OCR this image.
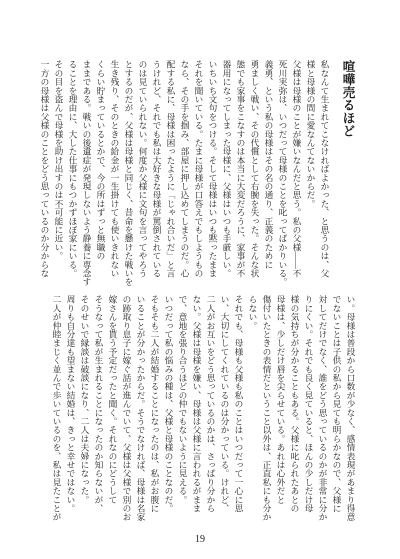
喧嘩売るほど
私なんて生まれてこなければよかった、と思うのは、父
様と母様の間に愛なんてないからだ。
父様は母様のことが嫌いなんだと思う。私の父様――不
死川実弥は、いつだって母様のことを叱ってばかりいる。
義勇、という私の母様はその名の通り、正義のために
勇ましく戦い、その代償として右腕を失った。そんな状
態でも家事をこなすのは本当に大変だろうに、家事が不
器用になってしまった母様に、父様はいつも手厳しい。
いちいち文句をつける。そして母様はいつも黙ったまま
それを聞いている。たまに母様が口答えでもしようもの
なら、その手を掴み、部屋に押し込めてしまうのだ。心
配する私に、母様は困ったように「じゃれ合いだ」と言
うけれど、それでも私は大好きな母様が罵倒されている
のは見ていられない。何度か父様に文句を言ってやろう
とするのだが、父様は母様と同じく、昔命を懸けた戦いを
生き残り、そのときの給金が一生掛けても使いきれない
くらい貯まっているとかで、今の所はずっと無職の
ままである。戦いの後遺症が発現しないよう静養に専念す
ることを理由に、大した仕事にもつかずほぼ家にいる。
その目を盗んで母様を助け出すのは不可能に近い。
一方の母様は父様のことをどう思っているのか分からな
い。母様は普段から口数が少なく、感情表現があまり得意
でないことは子供の私から見ても明らかなので、父様に
対してだけでなく、誰をどう思っているのかが非常に分か
りにくい。それでも良く見ていると、ほんの少しだけ母
様の気持ちが分かることもある。父様に叱られたあとの
母様は、少しだけ唇を尖らせている。あれは心外だと
傷付いたときの表情だということ以外は、正直私にも分か
らない。
それでも、母様も父様も私のことはいつだって一心に思
い、大切にしてくれているのは分かっている。けれど、
二人がお互いをどう思っているのかは、さっぱり分から
ない。父様は母様を嫌い、母様は父様に言われるがまま
で、意地を張り合うほどの仲でもないように見える。
いつだって私の悩みの種は、父様と母様のことなのだ。
そもそも二人が結婚することになったのは、私がお腹に
いることが分かったからだ。そうでなければ、母様は名家
の跡取り息子に嫁ぐ話が進んでいて、父様は父様で別のお
嫁さんを貰う予定だったと聞く。それなのにどうして
そうなって私が生まれることになったのか知らないが、
そのせいで縁談は破談になり、二人は夫婦になった。
周りも自分達も望まない結婚は、きっと幸せではない。
二人が仲睦まじく並んで歩いているのを、私は見たことが
19
